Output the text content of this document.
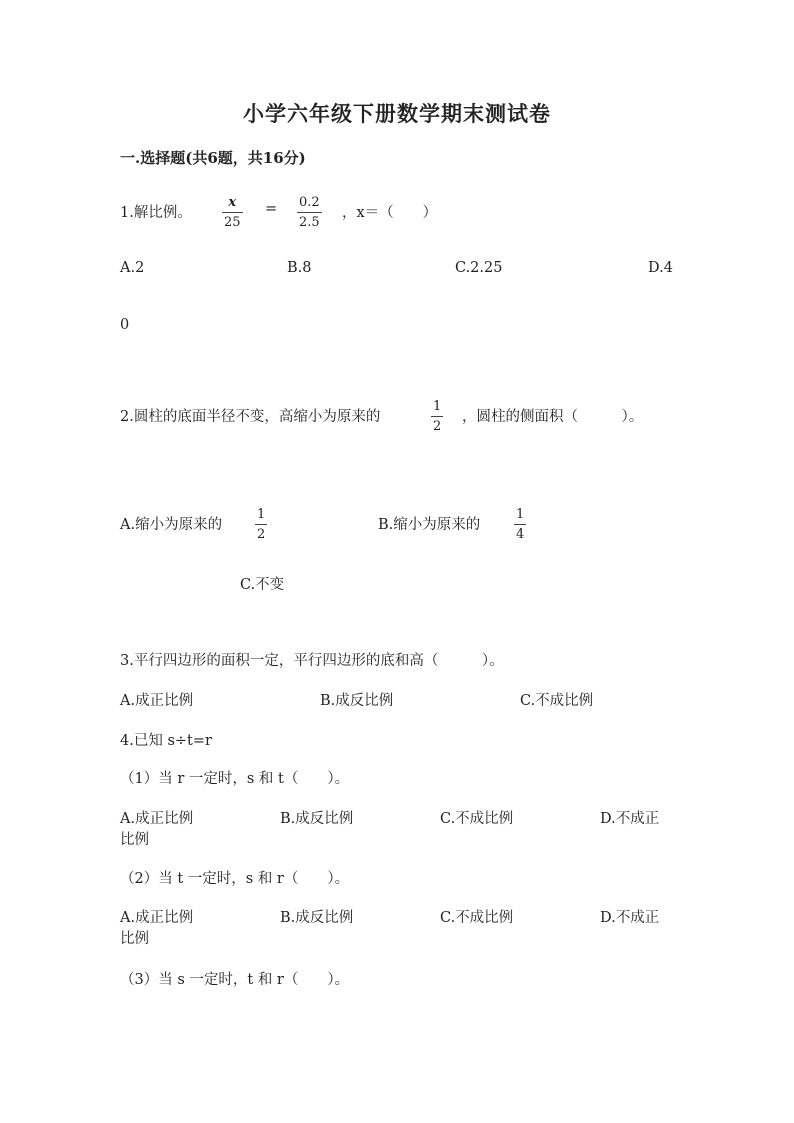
小学六年级下册数学期末测试卷
一.选择题(共6题，共16分)
1.解比例。 $\frac{x}{25} = \frac{0.2}{2.5}$ ，x＝（　　）
A.2	B.8	C.2.25	D.4
0
2.圆柱的底面半径不变，高缩小为原来的	$\frac{1}{2}$ ，圆柱的侧面积（　　　）。
A.缩小为原来的	$\frac{1}{2}$	B.缩小为原来的	$\frac{1}{4}$
C.不变
3.平行四边形的面积一定，平行四边形的底和高（　　　）。
A.成正比例	B.成反比例	C.不成比例
4.已知 s÷t=r
（1）当 r 一定时，s 和 t（　　）。
A.成正比例	B.成反比例	C.不成比例	D.不成正
比例
（2）当 t 一定时，s 和 r（　　）。
A.成正比例	B.成反比例	C.不成比例	D.不成正
比例
（3）当 s 一定时，t 和 r（　　）。
